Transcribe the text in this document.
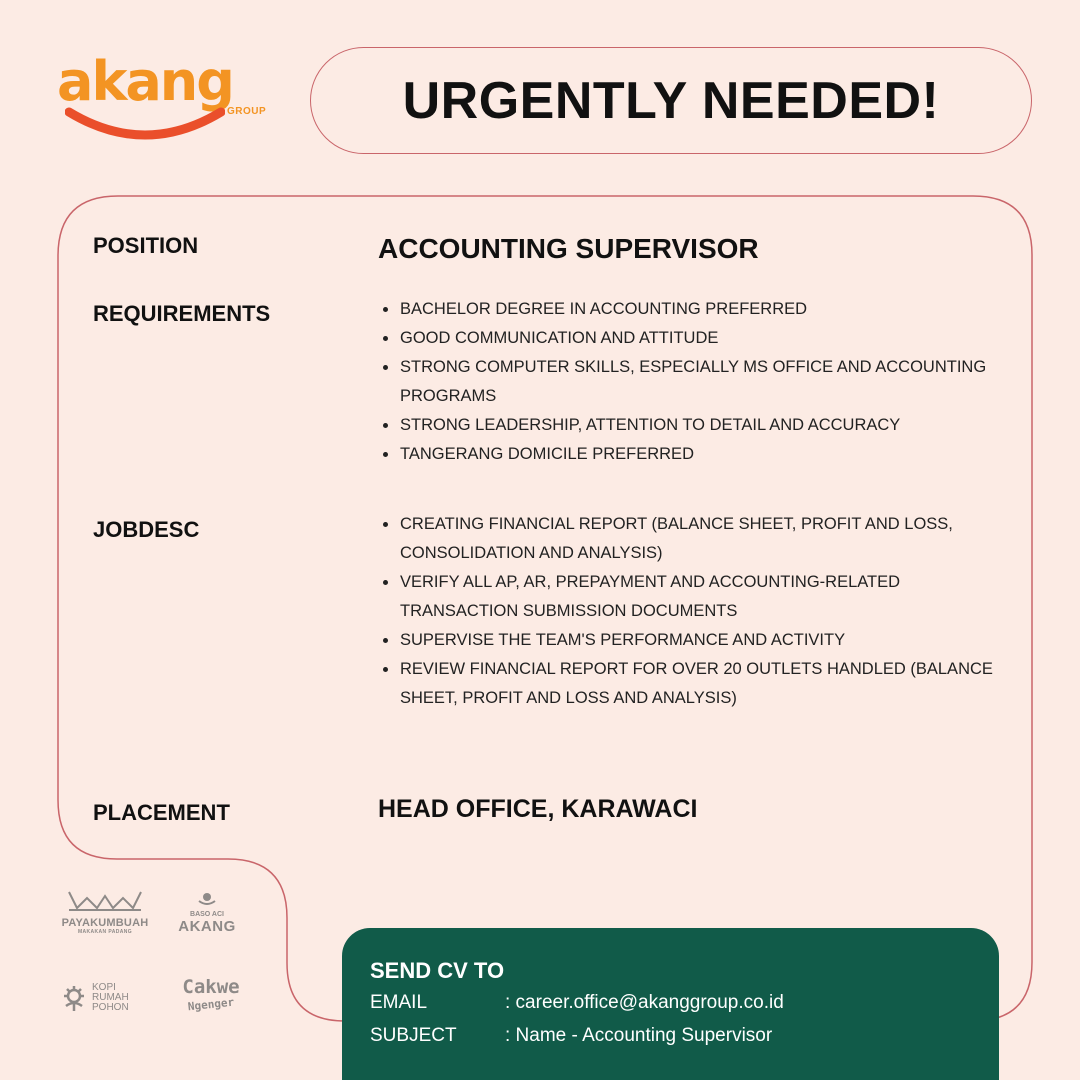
akang
GROUP	URGENTLY NEEDED!
POSITION	ACCOUNTING SUPERVISOR
REQUIREMENTS	BACHELOR DEGREE IN ACCOUNTING PREFERRED
GOOD COMMUNICATION AND ATTITUDE
STRONG COMPUTER SKILLS, ESPECIALLY MS OFFICE AND ACCOUNTING PROGRAMS
STRONG LEADERSHIP, ATTENTION TO DETAIL AND ACCURACY
TANGERANG DOMICILE PREFERRED
JOBDESC	CREATING FINANCIAL REPORT (BALANCE SHEET, PROFIT AND LOSS, CONSOLIDATION AND ANALYSIS)
VERIFY ALL AP, AR, PREPAYMENT AND ACCOUNTING-RELATED TRANSACTION SUBMISSION DOCUMENTS
SUPERVISE THE TEAM'S PERFORMANCE AND ACTIVITY
REVIEW FINANCIAL REPORT FOR OVER 20 OUTLETS HANDLED (BALANCE SHEET, PROFIT AND LOSS AND ANALYSIS)
PLACEMENT	HEAD OFFICE, KARAWACI
PAYAKUMBUAH
MAKAKAN PADANG
BASO ACI
AKANG
KOPI
RUMAH
POHON
Cakwe
Ngenger
SEND CV TO
EMAIL	: career.office@akanggroup.co.id
SUBJECT	: Name - Accounting Supervisor
